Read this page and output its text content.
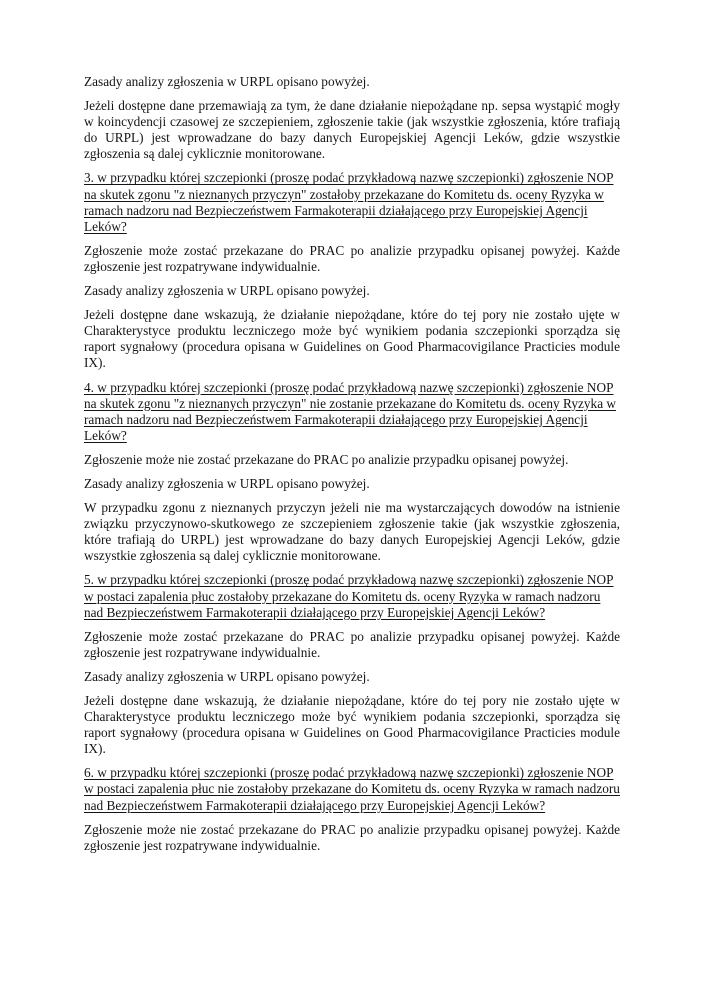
Zasady analizy zgłoszenia w URPL opisano powyżej.

Jeżeli dostępne dane przemawiają za tym, że dane działanie niepożądane np. sepsa wystąpić mogły w koincydencji czasowej ze szczepieniem, zgłoszenie takie (jak wszystkie zgłoszenia, które trafiają do URPL) jest wprowadzane do bazy danych Europejskiej Agencji Leków, gdzie wszystkie zgłoszenia są dalej cyklicznie monitorowane.

3. w przypadku której szczepionki (proszę podać przykładową nazwę szczepionki) zgłoszenie NOP na skutek zgonu "z nieznanych przyczyn" zostałoby przekazane do Komitetu ds. oceny Ryzyka w ramach nadzoru nad Bezpieczeństwem Farmakoterapii działającego przy Europejskiej Agencji Leków?

Zgłoszenie może zostać przekazane do PRAC po analizie przypadku opisanej powyżej. Każde zgłoszenie jest rozpatrywane indywidualnie.

Zasady analizy zgłoszenia w URPL opisano powyżej.

Jeżeli dostępne dane wskazują, że działanie niepożądane, które do tej pory nie zostało ujęte w Charakterystyce produktu leczniczego może być wynikiem podania szczepionki sporządza się raport sygnałowy (procedura opisana w Guidelines on Good Pharmacovigilance Practicies module IX).

4. w przypadku której szczepionki (proszę podać przykładową nazwę szczepionki) zgłoszenie NOP na skutek zgonu "z nieznanych przyczyn" nie zostanie przekazane do Komitetu ds. oceny Ryzyka w ramach nadzoru nad Bezpieczeństwem Farmakoterapii działającego przy Europejskiej Agencji Leków?

Zgłoszenie może nie zostać przekazane do PRAC po analizie przypadku opisanej powyżej.

Zasady analizy zgłoszenia w URPL opisano powyżej.

W przypadku zgonu z nieznanych przyczyn jeżeli nie ma wystarczających dowodów na istnienie związku przyczynowo-skutkowego ze szczepieniem zgłoszenie takie (jak wszystkie zgłoszenia, które trafiają do URPL) jest wprowadzane do bazy danych Europejskiej Agencji Leków, gdzie wszystkie zgłoszenia są dalej cyklicznie monitorowane.

5. w przypadku której szczepionki (proszę podać przykładową nazwę szczepionki) zgłoszenie NOP w postaci zapalenia płuc zostałoby przekazane do Komitetu ds. oceny Ryzyka w ramach nadzoru nad Bezpieczeństwem Farmakoterapii działającego przy Europejskiej Agencji Leków?

Zgłoszenie może zostać przekazane do PRAC po analizie przypadku opisanej powyżej. Każde zgłoszenie jest rozpatrywane indywidualnie.

Zasady analizy zgłoszenia w URPL opisano powyżej.

Jeżeli dostępne dane wskazują, że działanie niepożądane, które do tej pory nie zostało ujęte w Charakterystyce produktu leczniczego może być wynikiem podania szczepionki, sporządza się raport sygnałowy (procedura opisana w Guidelines on Good Pharmacovigilance Practicies module IX).

6. w przypadku której szczepionki (proszę podać przykładową nazwę szczepionki) zgłoszenie NOP w postaci zapalenia płuc nie zostałoby przekazane do Komitetu ds. oceny Ryzyka w ramach nadzoru nad Bezpieczeństwem Farmakoterapii działającego przy Europejskiej Agencji Leków?

Zgłoszenie może nie zostać przekazane do PRAC po analizie przypadku opisanej powyżej. Każde zgłoszenie jest rozpatrywane indywidualnie.
